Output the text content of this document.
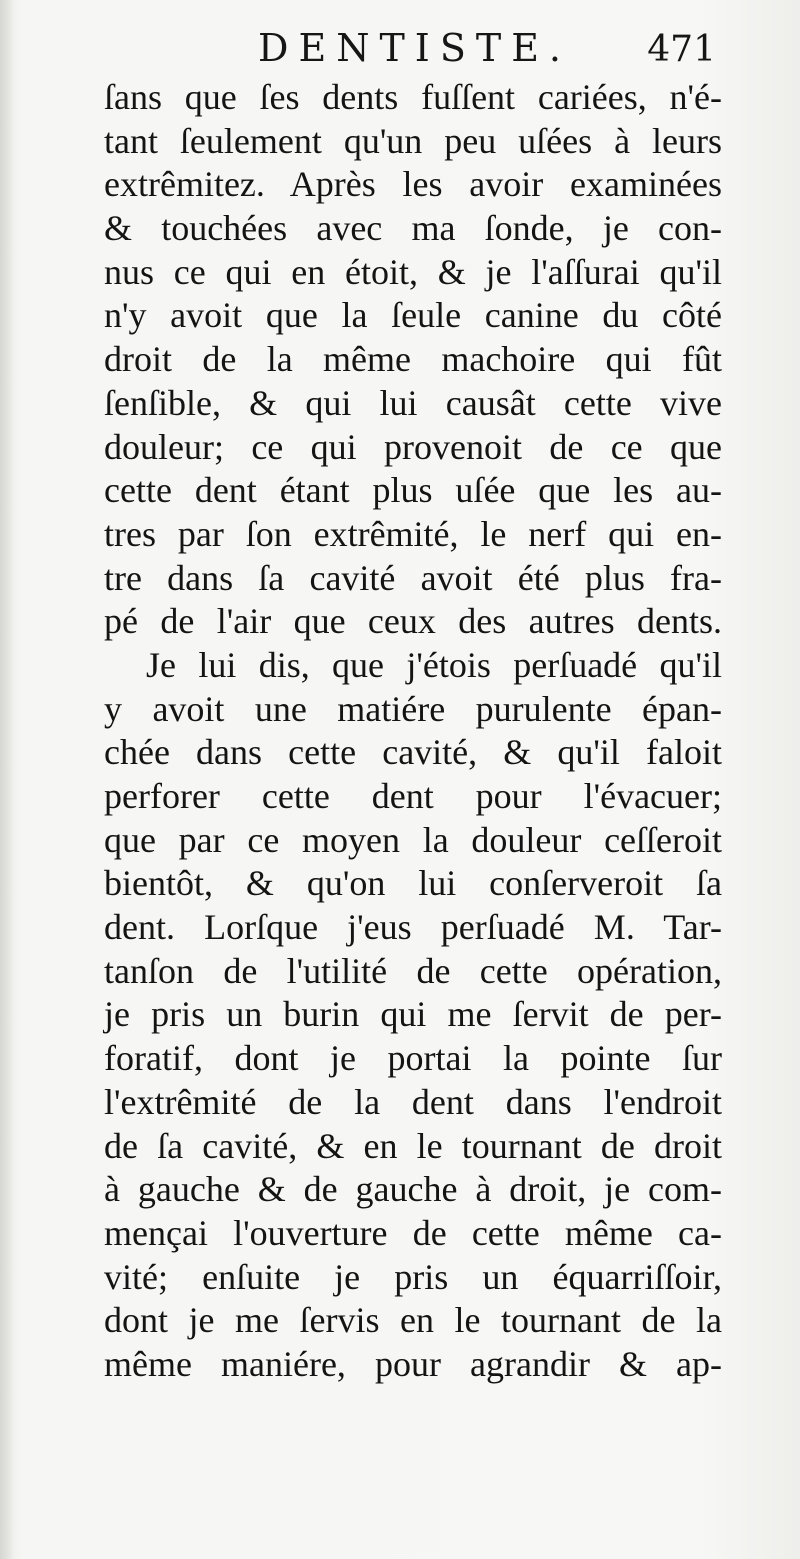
DENTISTE. 471
ſans que ſes dents fuſſent cariées, n'é-
tant ſeulement qu'un peu uſées à leurs
extrêmitez. Après les avoir examinées
& touchées avec ma ſonde, je con-
nus ce qui en étoit, & je l'aſſurai qu'il
n'y avoit que la ſeule canine du côté
droit de la même machoire qui fût
ſenſible, & qui lui causât cette vive
douleur; ce qui provenoit de ce que
cette dent étant plus uſée que les au-
tres par ſon extrêmité, le nerf qui en-
tre dans ſa cavité avoit été plus fra-
pé de l'air que ceux des autres dents.
Je lui dis, que j'étois perſuadé qu'il
y avoit une matiére purulente épan-
chée dans cette cavité, & qu'il faloit
perforer cette dent pour l'évacuer;
que par ce moyen la douleur ceſſeroit
bientôt, & qu'on lui conſerveroit ſa
dent. Lorſque j'eus perſuadé M. Tar-
tanſon de l'utilité de cette opération,
je pris un burin qui me ſervit de per-
foratif, dont je portai la pointe ſur
l'extrêmité de la dent dans l'endroit
de ſa cavité, & en le tournant de droit
à gauche & de gauche à droit, je com-
mençai l'ouverture de cette même ca-
vité; enſuite je pris un équarriſſoir,
dont je me ſervis en le tournant de la
même maniére, pour agrandir & ap-
